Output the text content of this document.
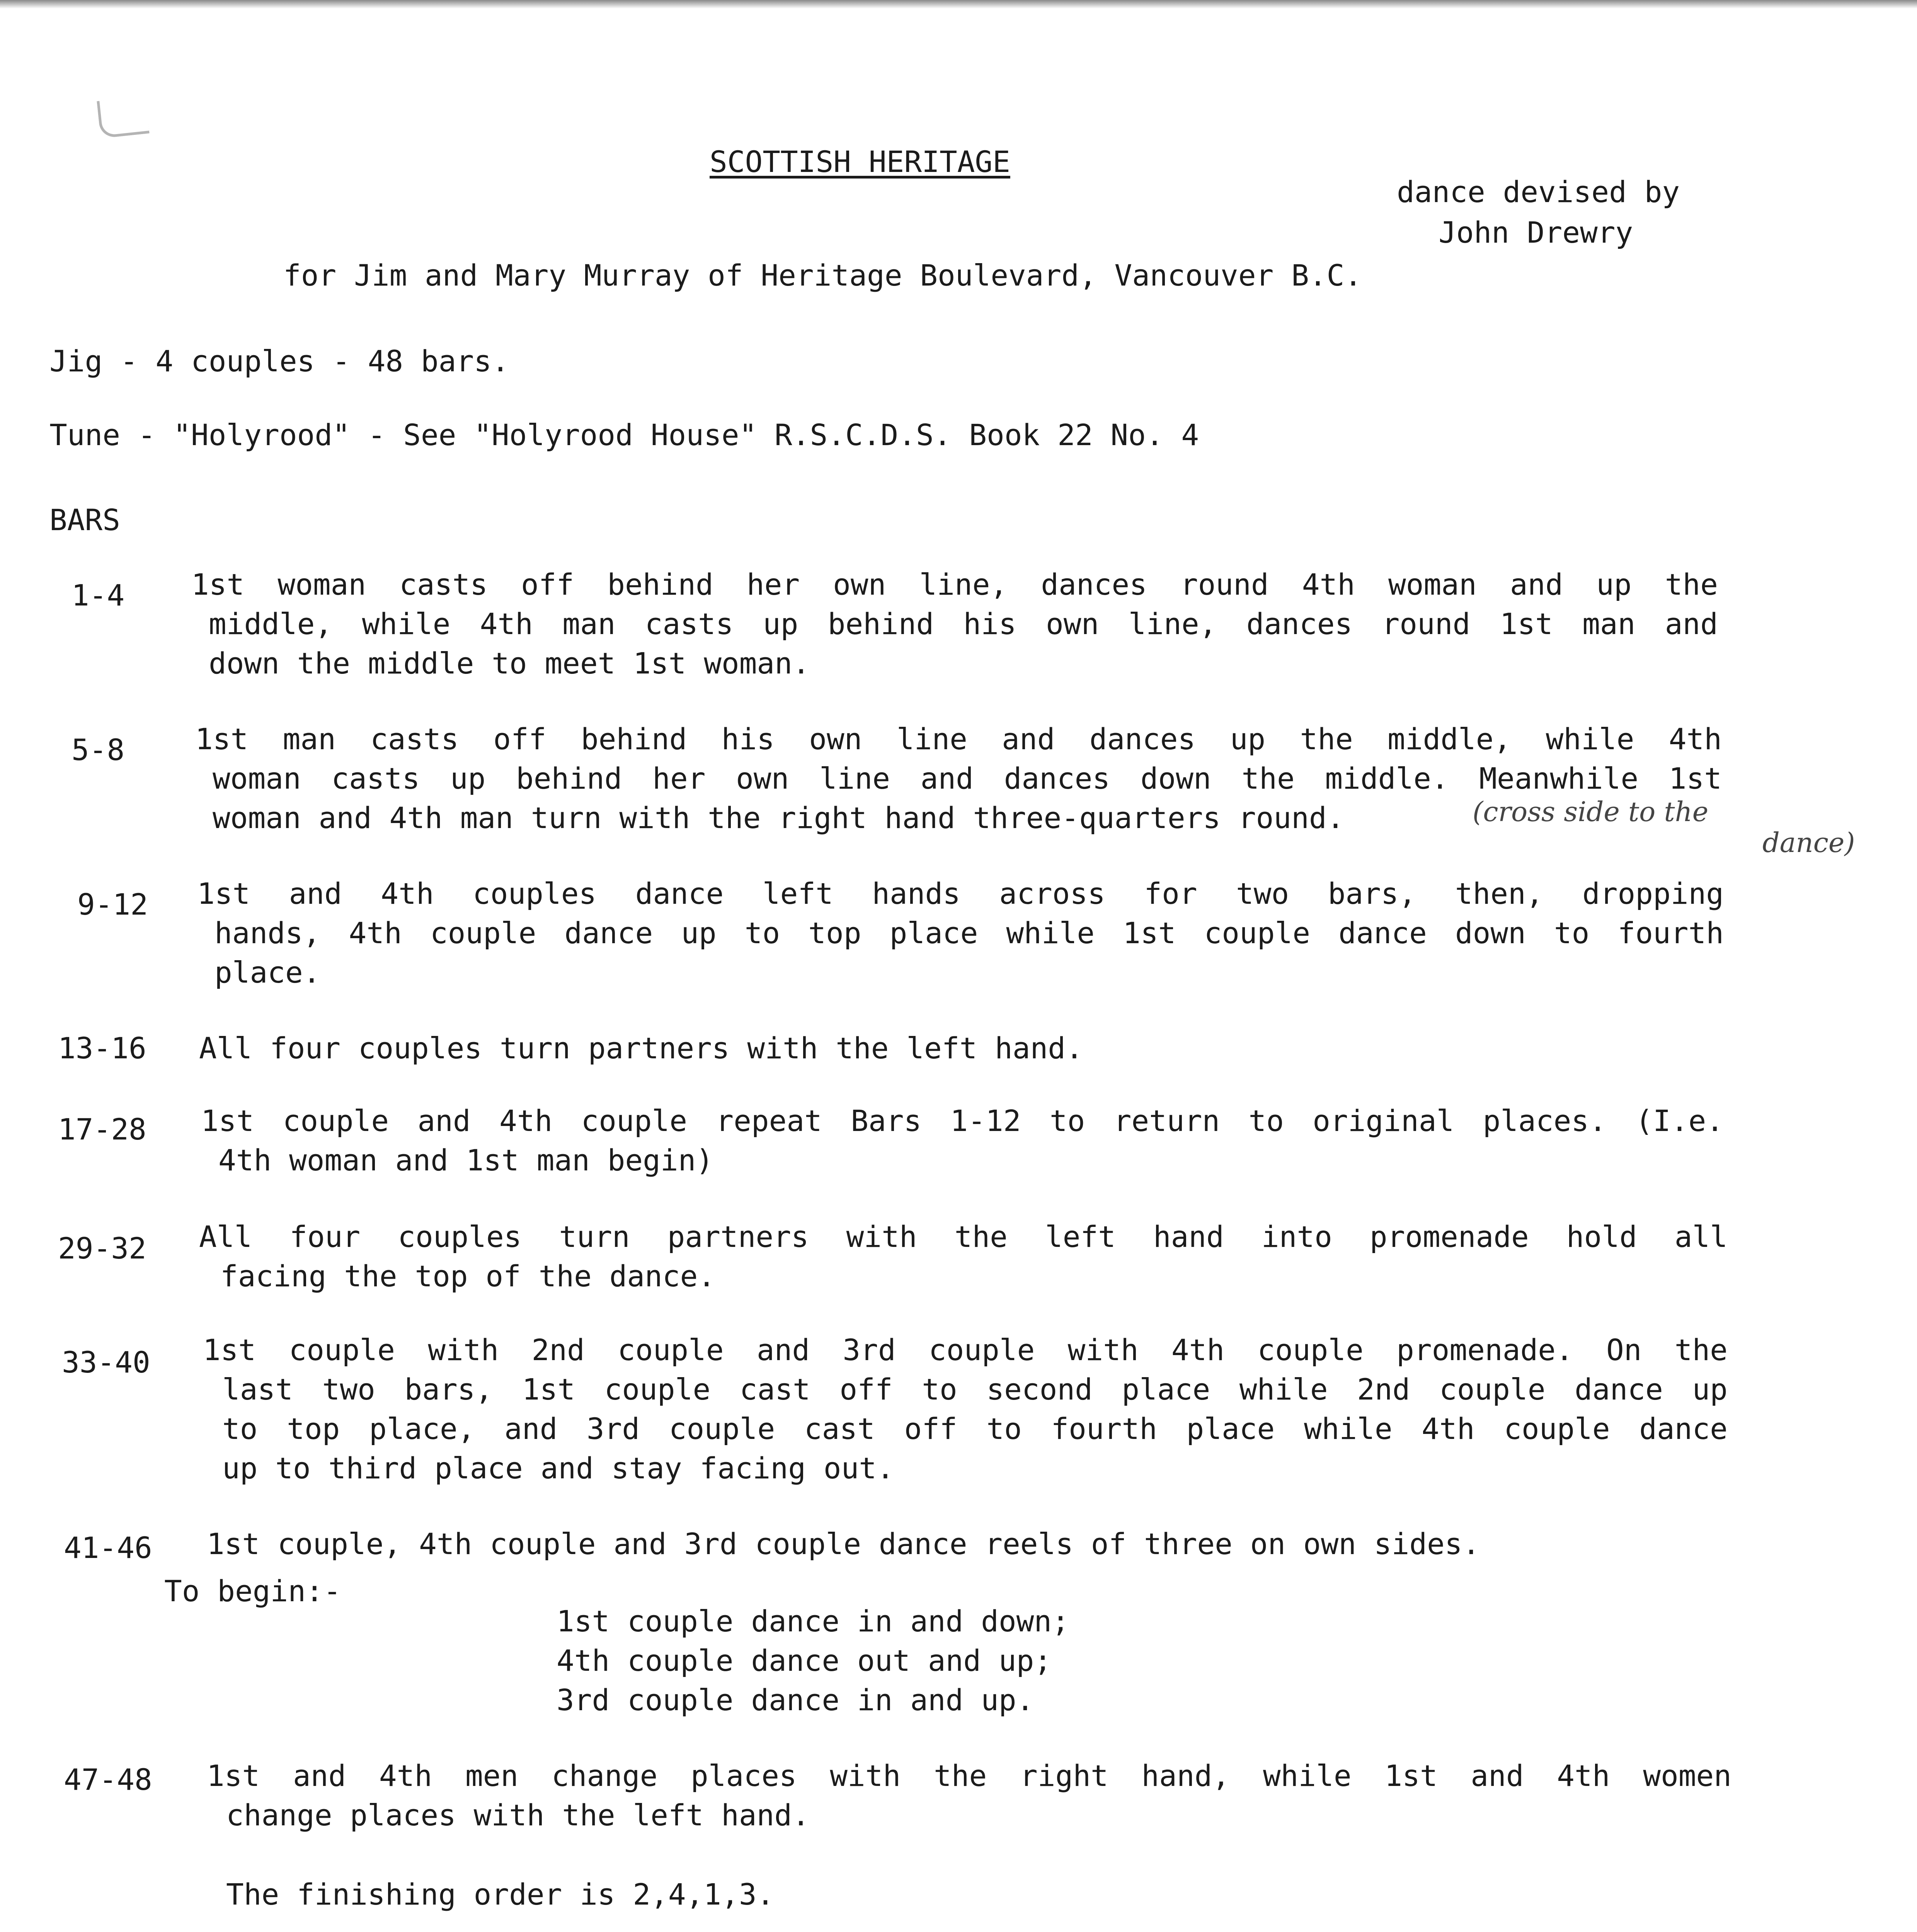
SCOTTISH HERITAGE
dance devised by
John Drewry
for Jim and Mary Murray of Heritage Boulevard, Vancouver B.C.
Jig - 4 couples - 48 bars.
Tune - "Holyrood" - See "Holyrood House" R.S.C.D.S. Book 22 No. 4
BARS
1-4 1st woman casts off behind her own line, dances round 4th woman and up the
middle, while 4th man casts up behind his own line, dances round 1st man and
down the middle to meet 1st woman.
5-8 1st man casts off behind his own line and dances up the middle, while 4th
woman casts up behind her own line and dances down the middle. Meanwhile 1st
woman and 4th man turn with the right hand three-quarters round.	(cross side to the
dance)
9-12 1st and 4th couples dance left hands across for two bars, then, dropping
hands, 4th couple dance up to top place while 1st couple dance down to fourth
place.
13-16 All four couples turn partners with the left hand.
17-28 1st couple and 4th couple repeat Bars 1-12 to return to original places. (I.e.
4th woman and 1st man begin)
29-32 All four couples turn partners with the left hand into promenade hold all
facing the top of the dance.
33-40 1st couple with 2nd couple and 3rd couple with 4th couple promenade. On the
last two bars, 1st couple cast off to second place while 2nd couple dance up
to top place, and 3rd couple cast off to fourth place while 4th couple dance
up to third place and stay facing out.
41-46 1st couple, 4th couple and 3rd couple dance reels of three on own sides.
To begin:-
1st couple dance in and down;
4th couple dance out and up;
3rd couple dance in and up.
47-48 1st and 4th men change places with the right hand, while 1st and 4th women
change places with the left hand.
The finishing order is 2,4,1,3.
